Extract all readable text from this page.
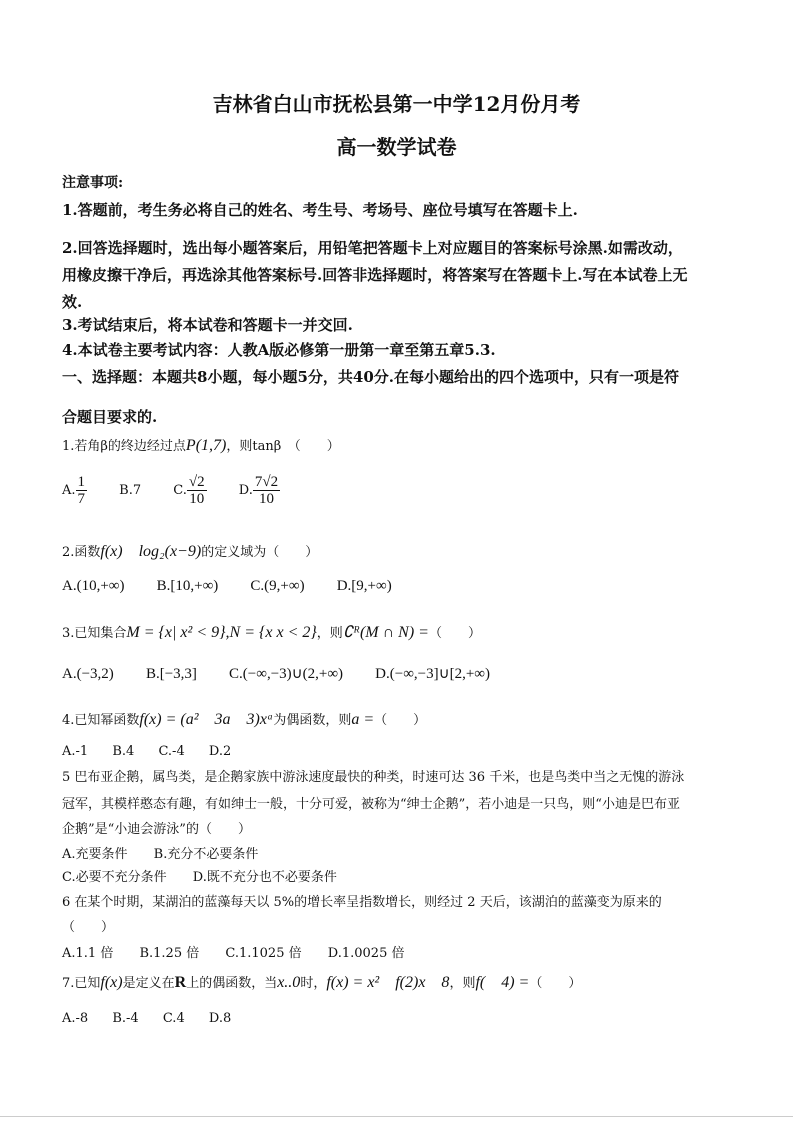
吉林省白山市抚松县第一中学12月份月考
高一数学试卷
注意事项:
1.答题前，考生务必将自己的姓名、考生号、考场号、座位号填写在答题卡上.
2.回答选择题时，选出每小题答案后，用铅笔把答题卡上对应题目的答案标号涂黑.如需改动，
用橡皮擦干净后，再选涂其他答案标号.回答非选择题时，将答案写在答题卡上.写在本试卷上无
效.
3.考试结束后，将本试卷和答题卡一并交回.
4.本试卷主要考试内容：人教A版必修第一册第一章至第五章5.3.
一、选择题：本题共8小题，每小题5分，共40分.在每小题给出的四个选项中，只有一项是符
合题目要求的.
1.若角β的终边经过点P(1,7)，则tanβ　（　　）
A. $\frac{1}{7} B.7$ C. $\frac{√2}{10} D$. $\frac{7√2}{10}$
2.函数f(x)　log₂(x−9)的定义域为（　　）
A.(10,+∞) B.[10,+∞) C.(9,+∞) D.[9,+∞)
3.已知集合M = {x| x² < 9},N = {x x < 2}，则∁ᴿ(M ∩ N) =（　　）
A.(−3,2) B.[−3,3] C.(−∞,−3)∪(2,+∞) D.(−∞,−3]∪[2,+∞)
4.已知幂函数f(x) = (a²　3a　3)xᵃ为偶函数，则a =（　　）
A.-1 B.4 C.-4 D.2
5 巴布亚企鹅，属鸟类，是企鹅家族中游泳速度最快的种类，时速可达 36 千米，也是鸟类中当之无愧的游泳
冠军，其模样憨态有趣，有如绅士一般，十分可爱，被称为“绅士企鹅”，若小迪是一只鸟，则“小迪是巴布亚
企鹅”是“小迪会游泳”的（　　）
A.充要条件 B.充分不必要条件
C.必要不充分条件 D.既不充分也不必要条件
6 在某个时期，某湖泊的蓝藻每天以 5%的增长率呈指数增长，则经过 2 天后，该湖泊的蓝藻变为原来的
（　　）
A.1.1 倍 B.1.25 倍 C.1.1025 倍 D.1.0025 倍
7.已知f(x)是定义在R上的偶函数，当x..0时，f(x) = x²　f(2)x　8，则f(　4) =（　　）
A.-8 B.-4 C.4 D.8
